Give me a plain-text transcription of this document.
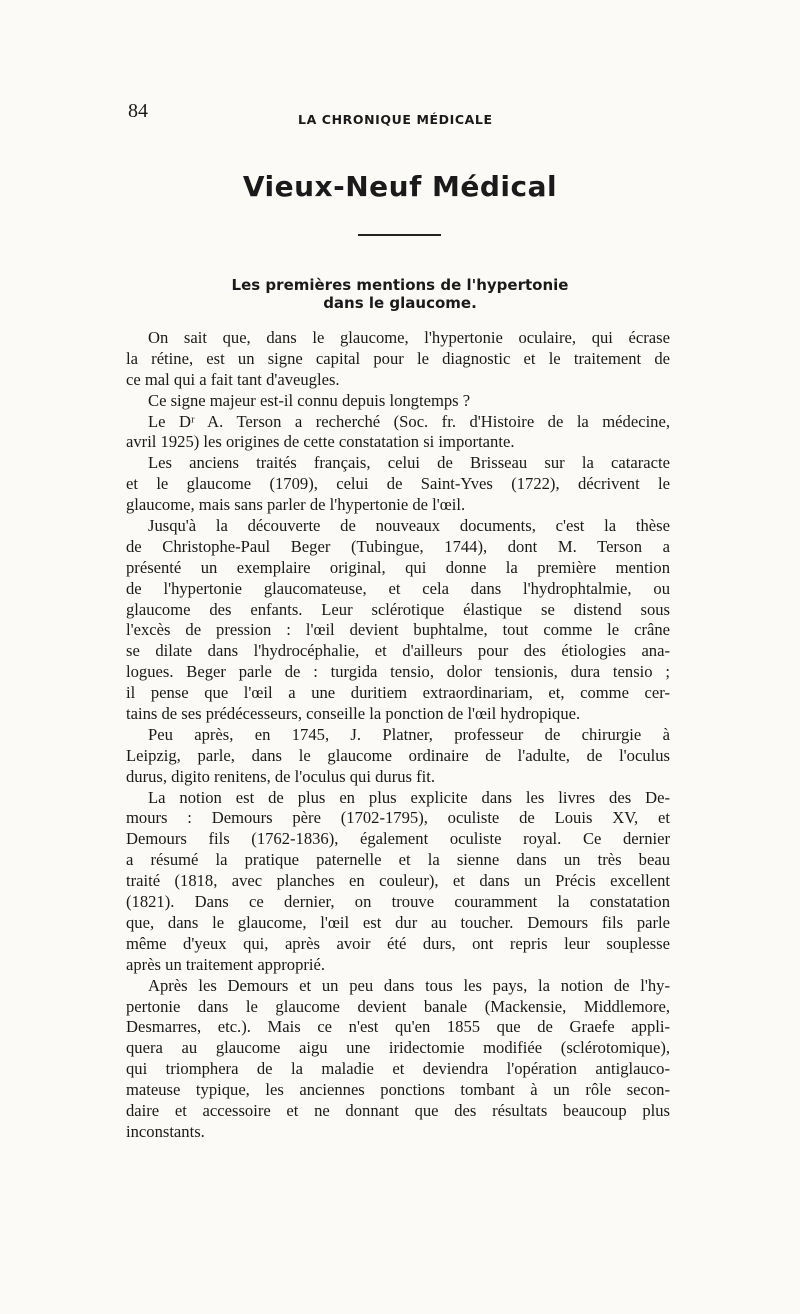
84	LA CHRONIQUE MÉDICALE
Vieux-Neuf Médical
Les premières mentions de l'hypertonie
dans le glaucome.
On sait que, dans le glaucome, l'hypertonie oculaire, qui écrase
la rétine, est un signe capital pour le diagnostic et le traitement de
ce mal qui a fait tant d'aveugles.
Ce signe majeur est-il connu depuis longtemps ?
Le Dʳ A. Terson a recherché (Soc. fr. d'Histoire de la médecine,
avril 1925) les origines de cette constatation si importante.
Les anciens traités français, celui de Brisseau sur la cataracte
et le glaucome (1709), celui de Saint-Yves (1722), décrivent le
glaucome, mais sans parler de l'hypertonie de l'œil.
Jusqu'à la découverte de nouveaux documents, c'est la thèse
de Christophe-Paul Beger (Tubingue, 1744), dont M. Terson a
présenté un exemplaire original, qui donne la première mention
de l'hypertonie glaucomateuse, et cela dans l'hydrophtalmie, ou
glaucome des enfants. Leur sclérotique élastique se distend sous
l'excès de pression : l'œil devient buphtalme, tout comme le crâne
se dilate dans l'hydrocéphalie, et d'ailleurs pour des étiologies ana-
logues. Beger parle de : turgida tensio, dolor tensionis, dura tensio ;
il pense que l'œil a une duritiem extraordinariam, et, comme cer-
tains de ses prédécesseurs, conseille la ponction de l'œil hydropique.
Peu après, en 1745, J. Platner, professeur de chirurgie à
Leipzig, parle, dans le glaucome ordinaire de l'adulte, de l'oculus
durus, digito renitens, de l'oculus qui durus fit.
La notion est de plus en plus explicite dans les livres des De-
mours : Demours père (1702-1795), oculiste de Louis XV, et
Demours fils (1762-1836), également oculiste royal. Ce dernier
a résumé la pratique paternelle et la sienne dans un très beau
traité (1818, avec planches en couleur), et dans un Précis excellent
(1821). Dans ce dernier, on trouve couramment la constatation
que, dans le glaucome, l'œil est dur au toucher. Demours fils parle
même d'yeux qui, après avoir été durs, ont repris leur souplesse
après un traitement approprié.
Après les Demours et un peu dans tous les pays, la notion de l'hy-
pertonie dans le glaucome devient banale (Mackensie, Middlemore,
Desmarres, etc.). Mais ce n'est qu'en 1855 que de Graefe appli-
quera au glaucome aigu une iridectomie modifiée (sclérotomique),
qui triomphera de la maladie et deviendra l'opération antiglauco-
mateuse typique, les anciennes ponctions tombant à un rôle secon-
daire et accessoire et ne donnant que des résultats beaucoup plus
inconstants.
